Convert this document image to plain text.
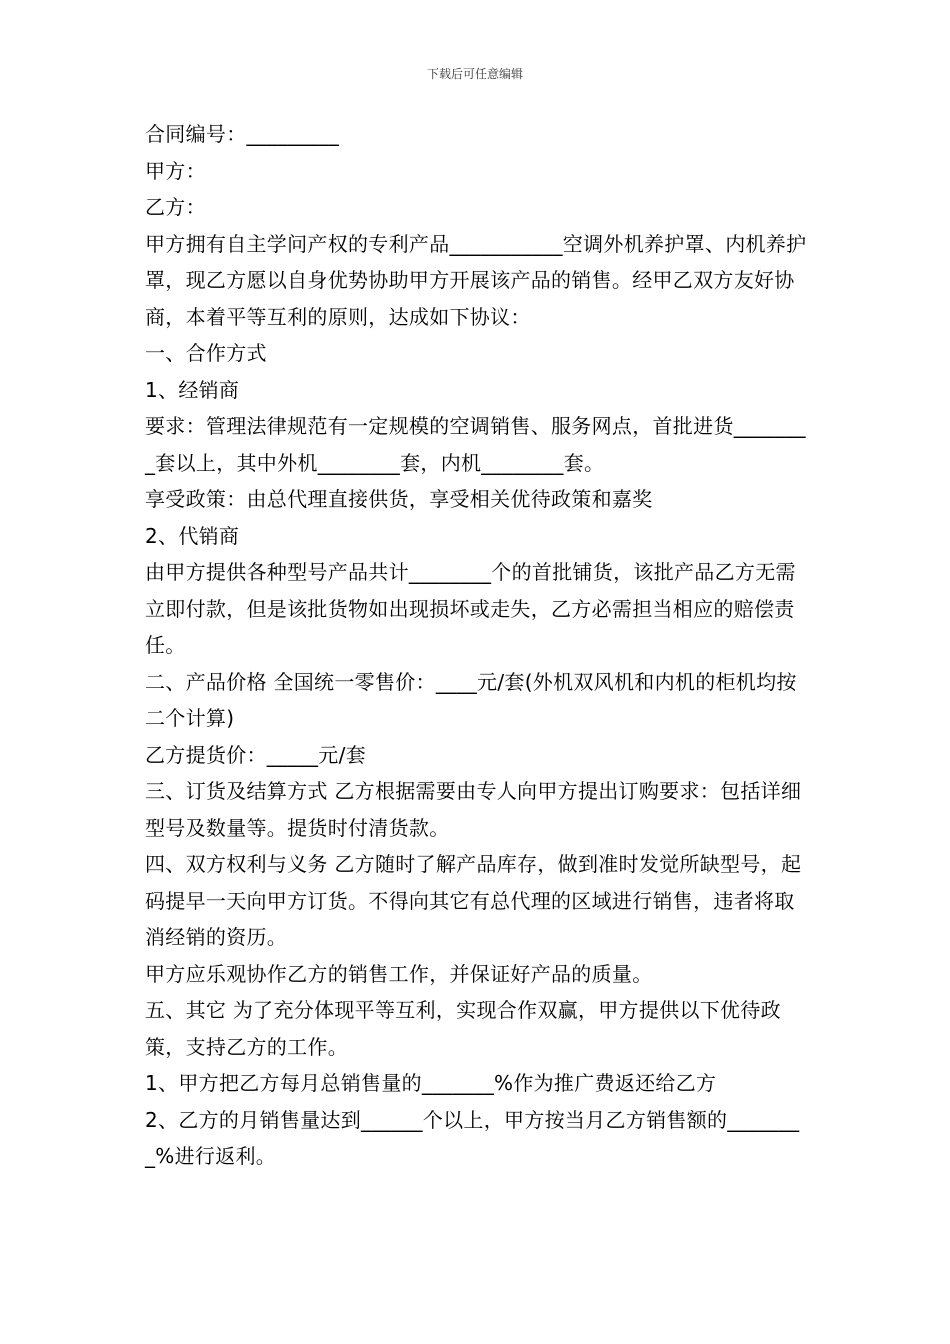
下载后可任意编辑

合同编号：_________

甲方：

乙方：

甲方拥有自主学问产权的专利产品___________空调外机养护罩、内机养护罩，现乙方愿以自身优势协助甲方开展该产品的销售。经甲乙双方友好协商，本着平等互利的原则，达成如下协议：

一、合作方式

1、经销商

要求：管理法律规范有一定规模的空调销售、服务网点，首批进货________套以上，其中外机________套，内机________套。

享受政策：由总代理直接供货，享受相关优待政策和嘉奖

2、代销商

由甲方提供各种型号产品共计________个的首批铺货，该批产品乙方无需立即付款，但是该批货物如出现损坏或走失，乙方必需担当相应的赔偿责任。

二、产品价格 全国统一零售价：____元/套(外机双风机和内机的柜机均按二个计算)

乙方提货价：_____元/套

三、订货及结算方式 乙方根据需要由专人向甲方提出订购要求：包括详细型号及数量等。提货时付清货款。

四、双方权利与义务 乙方随时了解产品库存，做到准时发觉所缺型号，起码提早一天向甲方订货。不得向其它有总代理的区域进行销售，违者将取消经销的资历。

甲方应乐观协作乙方的销售工作，并保证好产品的质量。

五、其它 为了充分体现平等互利，实现合作双赢，甲方提供以下优待政策，支持乙方的工作。

1、甲方把乙方每月总销售量的_______%作为推广费返还给乙方

2、乙方的月销售量达到______个以上，甲方按当月乙方销售额的________%进行返利。
